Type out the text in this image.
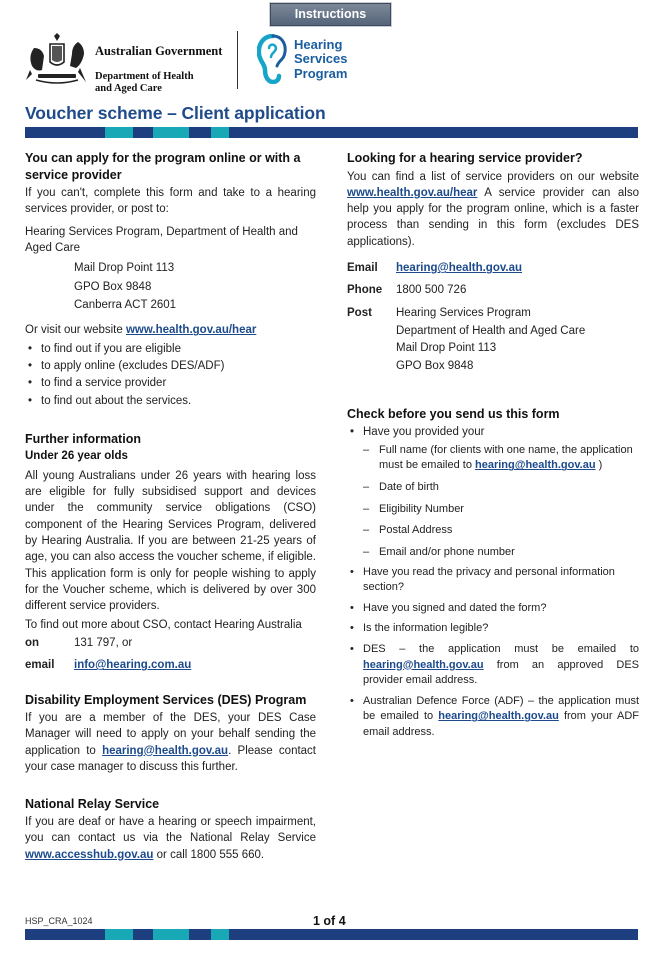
Instructions
Australian Government
Department of Health
and Aged Care
Hearing
Services
Program
Voucher scheme – Client application
You can apply for the program online or with a service provider

If you can't, complete this form and take to a hearing services provider, or post to:

Hearing Services Program, Department of Health and Aged Care

Mail Drop Point 113
GPO Box 9848
Canberra ACT 2601

Or visit our website www.health.gov.au/hear

• to find out if you are eligible
• to apply online (excludes DES/ADF)
• to find a service provider
• to find out about the services.
Further information
Under 26 year olds

All young Australians under 26 years with hearing loss are eligible for fully subsidised support and devices under the community service obligations (CSO) component of the Hearing Services Program, delivered by Hearing Australia. If you are between 21-25 years of age, you can also access the voucher scheme, if eligible. This application form is only for people wishing to apply for the Voucher scheme, which is delivered by over 300 different service providers.

To find out more about CSO, contact Hearing Australia

on	131 797, or
email	info@hearing.com.au
Disability Employment Services (DES) Program

If you are a member of the DES, your DES Case Manager will need to apply on your behalf sending the application to hearing@health.gov.au. Please contact your case manager to discuss this further.

National Relay Service

If you are deaf or have a hearing or speech impairment, you can contact us via the National Relay Service www.accesshub.gov.au or call 1800 555 660.

Looking for a hearing service provider?

You can find a list of service providers on our website www.health.gov.au/hear A service provider can also help you apply for the program online, which is a faster process than sending in this form (excludes DES applications).

Email	hearing@health.gov.au
Phone	1800 500 726
Post	Hearing Services Program
Department of Health and Aged Care
Mail Drop Point 113
GPO Box 9848
Check before you send us this form
• Have you provided your
– Full name (for clients with one name, the application must be emailed to hearing@health.gov.au )
– Date of birth
– Eligibility Number
– Postal Address
– Email and/or phone number
• Have you read the privacy and personal information section?
• Have you signed and dated the form?
• Is the information legible?
• DES – the application must be emailed to hearing@health.gov.au from an approved DES provider email address.
• Australian Defence Force (ADF) – the application must be emailed to hearing@health.gov.au from your ADF email address.
HSP_CRA_1024	1 of 4
